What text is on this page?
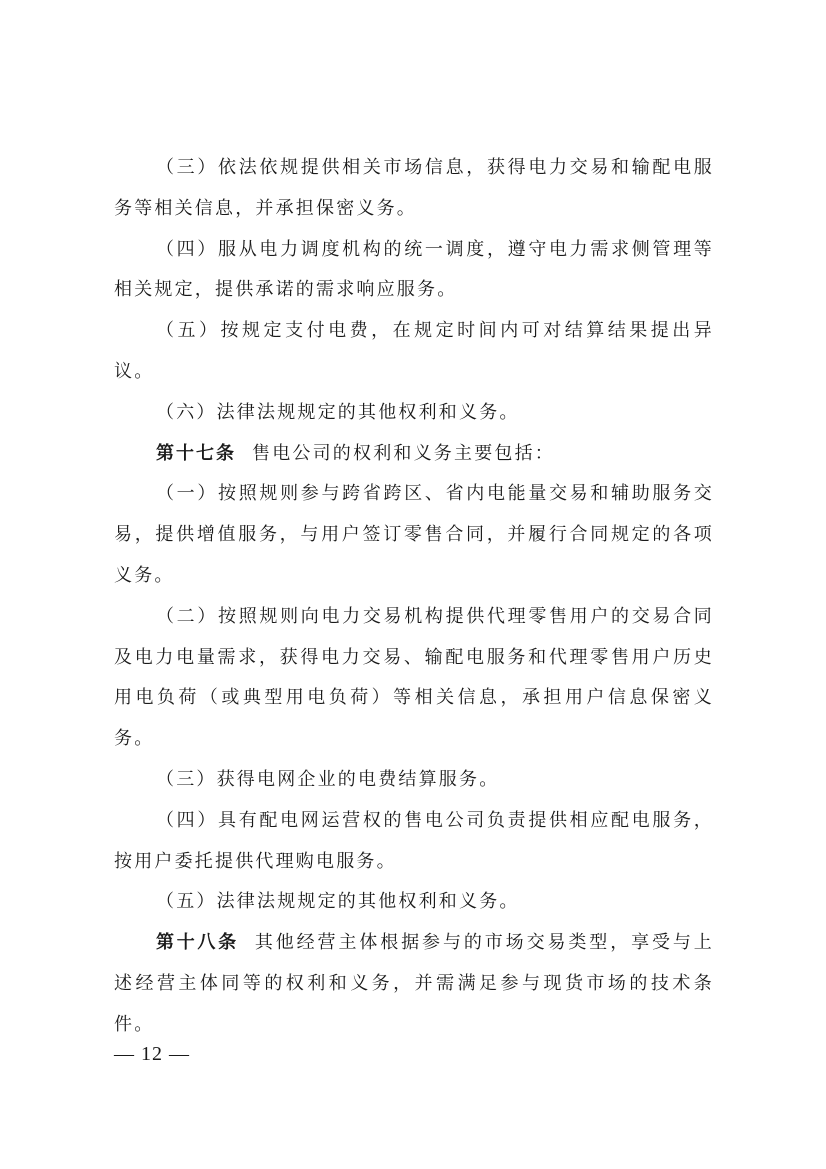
（三）依法依规提供相关市场信息，获得电力交易和输配电服务等相关信息，并承担保密义务。

（四）服从电力调度机构的统一调度，遵守电力需求侧管理等相关规定，提供承诺的需求响应服务。

（五）按规定支付电费，在规定时间内可对结算结果提出异议。

（六）法律法规规定的其他权利和义务。

第十七条 售电公司的权利和义务主要包括：

（一）按照规则参与跨省跨区、省内电能量交易和辅助服务交易，提供增值服务，与用户签订零售合同，并履行合同规定的各项义务。

（二）按照规则向电力交易机构提供代理零售用户的交易合同及电力电量需求，获得电力交易、输配电服务和代理零售用户历史用电负荷（或典型用电负荷）等相关信息，承担用户信息保密义务。

（三）获得电网企业的电费结算服务。

（四）具有配电网运营权的售电公司负责提供相应配电服务，按用户委托提供代理购电服务。

（五）法律法规规定的其他权利和义务。

第十八条 其他经营主体根据参与的市场交易类型，享受与上述经营主体同等的权利和义务，并需满足参与现货市场的技术条件。

— 12 —
